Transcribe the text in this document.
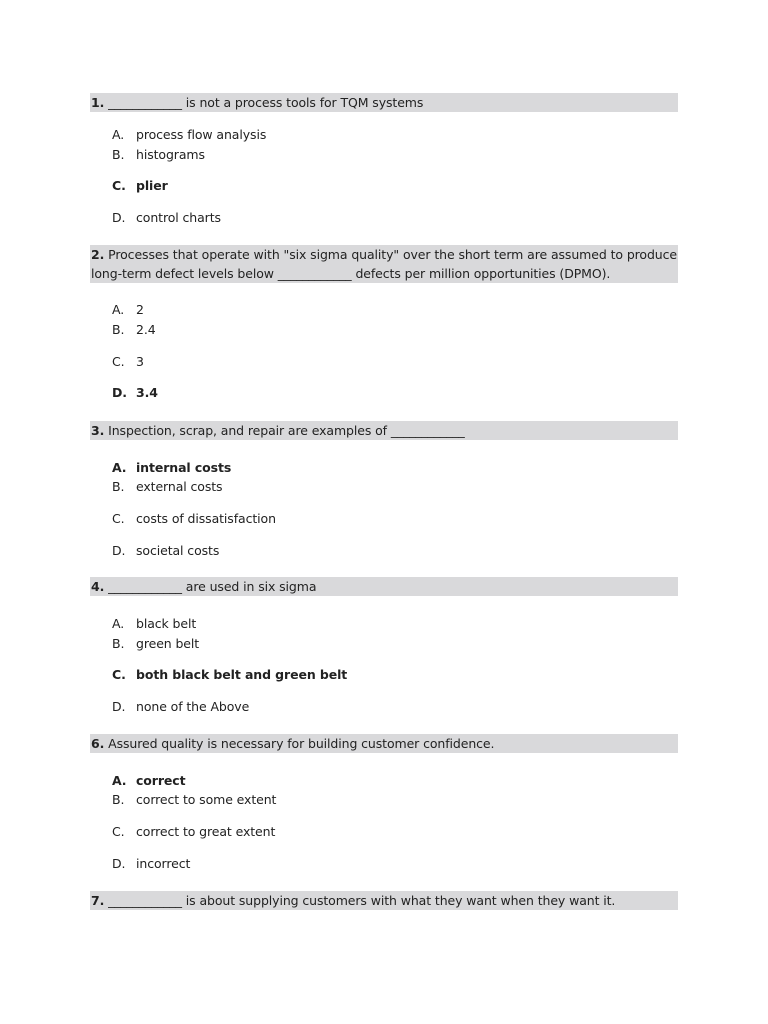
1. ____________ is not a process tools for TQM systems
A. process flow analysis
B. histograms
C. plier
D. control charts
2. Processes that operate with "six sigma quality" over the short term are assumed to produce long-term defect levels below ____________ defects per million opportunities (DPMO).
A. 2
B. 2.4
C. 3
D. 3.4
3. Inspection, scrap, and repair are examples of ____________
A. internal costs
B. external costs
C. costs of dissatisfaction
D. societal costs
4. ____________ are used in six sigma
A. black belt
B. green belt
C. both black belt and green belt
D. none of the Above
6. Assured quality is necessary for building customer confidence.
A. correct
B. correct to some extent
C. correct to great extent
D. incorrect
7. ____________ is about supplying customers with what they want when they want it.
